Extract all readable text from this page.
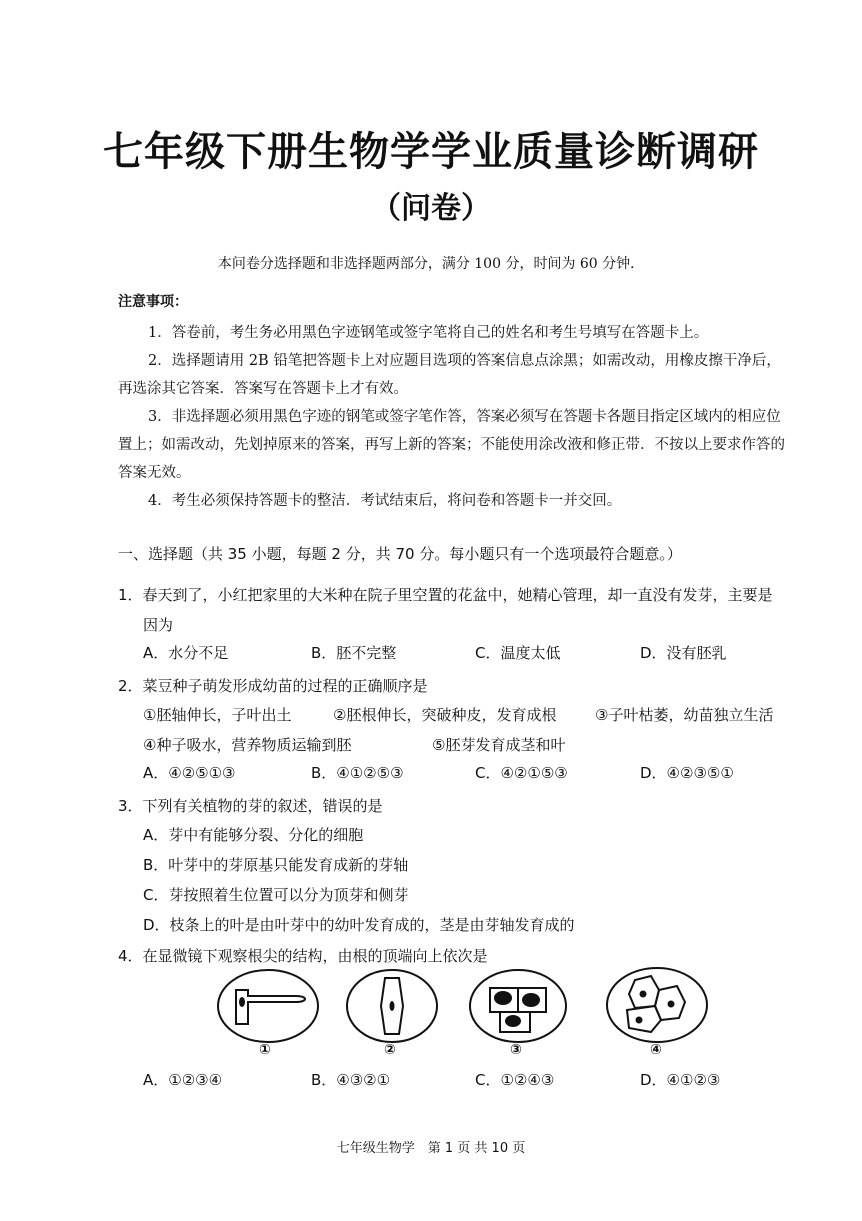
七年级下册生物学学业质量诊断调研
（问卷）
本问卷分选择题和非选择题两部分，满分 100 分，时间为 60 分钟．
注意事项：

1．答卷前，考生务必用黑色字迹钢笔或签字笔将自己的姓名和考生号填写在答题卡上。

2．选择题请用 2B 铅笔把答题卡上对应题目选项的答案信息点涂黑；如需改动，用橡皮擦干净后，再选涂其它答案．答案写在答题卡上才有效。

3．非选择题必须用黑色字迹的钢笔或签字笔作答，答案必须写在答题卡各题目指定区域内的相应位置上；如需改动，先划掉原来的答案，再写上新的答案；不能使用涂改液和修正带．不按以上要求作答的答案无效。

4．考生必须保持答题卡的整洁．考试结束后，将问卷和答题卡一并交回。

一、选择题（共 35 小题，每题 2 分，共 70 分。每小题只有一个选项最符合题意。）
1．春天到了，小红把家里的大米种在院子里空置的花盆中，她精心管理，却一直没有发芽，主要是
因为
A．水分不足	B．胚不完整	C．温度太低	D．没有胚乳
2．菜豆种子萌发形成幼苗的过程的正确顺序是
①胚轴伸长，子叶出土	②胚根伸长，突破种皮，发育成根	③子叶枯萎，幼苗独立生活
④种子吸水，营养物质运输到胚	⑤胚芽发育成茎和叶
A．④②⑤①③	B．④①②⑤③	C．④②①⑤③	D．④②③⑤①
3．下列有关植物的芽的叙述，错误的是
A．芽中有能够分裂、分化的细胞
B．叶芽中的芽原基只能发育成新的芽轴
C．芽按照着生位置可以分为顶芽和侧芽
D．枝条上的叶是由叶芽中的幼叶发育成的，茎是由芽轴发育成的
4．在显微镜下观察根尖的结构，由根的顶端向上依次是
①	②	③	④
A．①②③④	B．④③②①	C．①②④③	D．④①②③
七年级生物学　第 1 页 共 10 页
